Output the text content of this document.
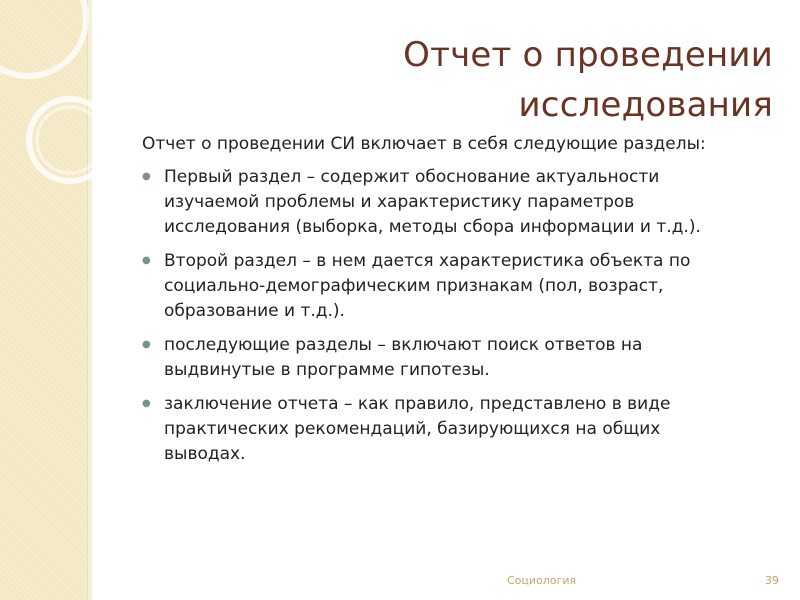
Отчет о проведении
исследования

Отчет о проведении СИ включает в себя следующие разделы:

● Первый раздел – содержит обоснование актуальности изучаемой проблемы и характеристику параметров исследования (выборка, методы сбора информации и т.д.).
● Второй раздел – в нем дается характеристика объекта по социально-демографическим признакам (пол, возраст, образование и т.д.).
● последующие разделы – включают поиск ответов на выдвинутые в программе гипотезы.
● заключение отчета – как правило, представлено в виде практических рекомендаций, базирующихся на общих выводах.
Социология	39
